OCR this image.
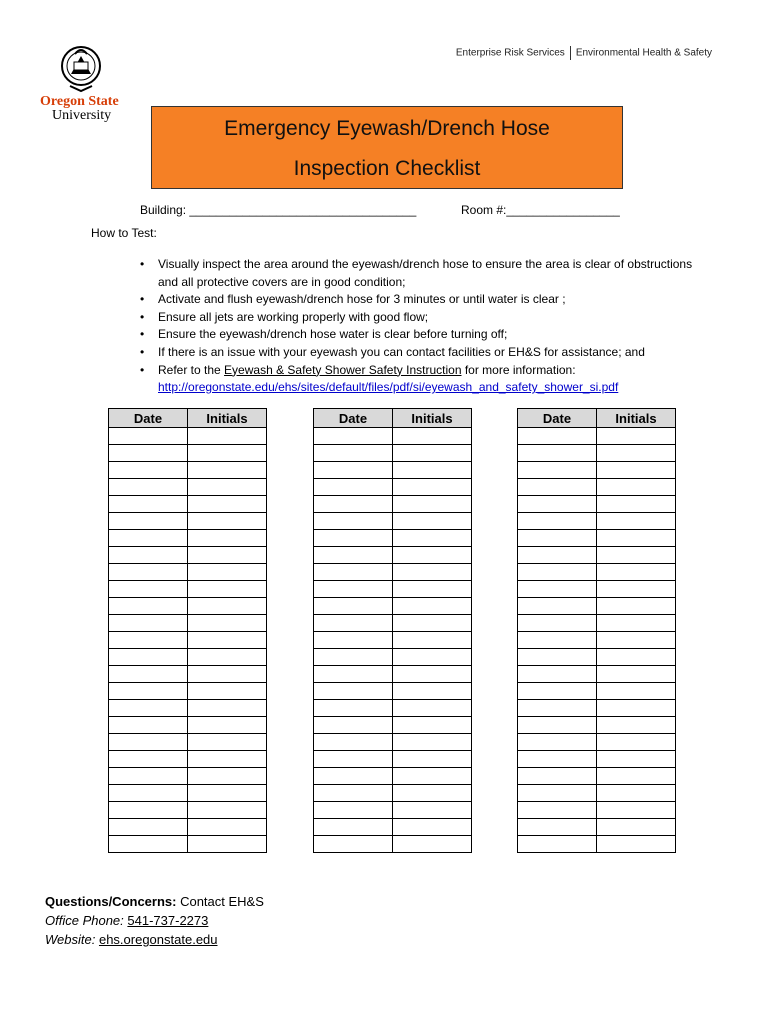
Enterprise Risk Services Environmental Health & Safety
Oregon State
University
Emergency Eyewash/Drench Hose
Inspection Checklist
Building: __________________________________	Room #:_________________
How to Test:
• Visually inspect the area around the eyewash/drench hose to ensure the area is clear of obstructions and all protective covers are in good condition;
• Activate and flush eyewash/drench hose for 3 minutes or until water is clear ;
• Ensure all jets are working properly with good flow;
• Ensure the eyewash/drench hose water is clear before turning off;
• If there is an issue with your eyewash you can contact facilities or EH&S for assistance; and
• Refer to the Eyewash & Safety Shower Safety Instruction for more information:
http://oregonstate.edu/ehs/sites/default/files/pdf/si/eyewash_and_safety_shower_si.pdf
Date	Initials

		Date	Initials

		Date	Initials

Questions/Concerns: Contact EH&S
Office Phone: 541-737-2273
Website: ehs.oregonstate.edu
